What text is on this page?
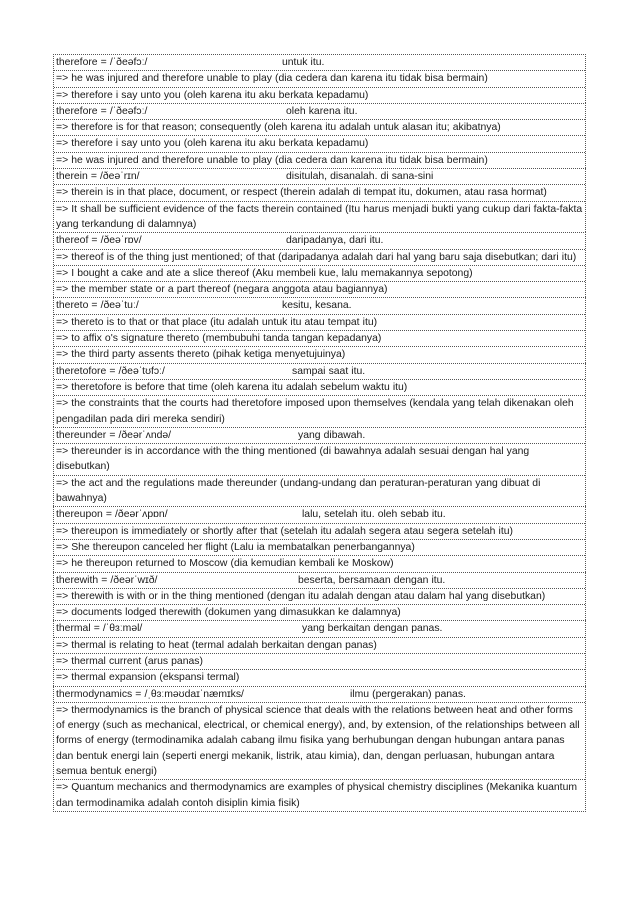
therefore = /ˈðeəfɔː/	untuk itu.
=> he was injured and therefore unable to play (dia cedera dan karena itu tidak bisa bermain)
=> therefore i say unto you (oleh karena itu aku berkata kepadamu)
therefore = /ˈðeəfɔː/	oleh karena itu.
=> therefore is for that reason; consequently (oleh karena itu adalah untuk alasan itu; akibatnya)
=> therefore i say unto you (oleh karena itu aku berkata kepadamu)
=> he was injured and therefore unable to play (dia cedera dan karena itu tidak bisa bermain)
therein = /ðeəˈrɪn/	disitulah, disanalah. di sana-sini
=> therein is in that place, document, or respect (therein adalah di tempat itu, dokumen, atau rasa hormat)
=> It shall be sufficient evidence of the facts therein contained (Itu harus menjadi bukti yang cukup dari fakta-fakta yang terkandung di dalamnya)
thereof = /ðeəˈrɒv/	daripadanya, dari itu.
=> thereof is of the thing just mentioned; of that (daripadanya adalah dari hal yang baru saja disebutkan; dari itu)
=> I bought a cake and ate a slice thereof (Aku membeli kue, lalu memakannya sepotong)
=> the member state or a part thereof (negara anggota atau bagiannya)
thereto = /ðeəˈtuː/	kesitu, kesana.
=> thereto is to that or that place (itu adalah untuk itu atau tempat itu)
=> to affix o's signature thereto (membubuhi tanda tangan kepadanya)
=> the third party assents thereto (pihak ketiga menyetujuinya)
theretofore = /ðeəˈtʊfɔː/	sampai saat itu.
=> theretofore is before that time (oleh karena itu adalah sebelum waktu itu)
=> the constraints that the courts had theretofore imposed upon themselves (kendala yang telah dikenakan oleh pengadilan pada diri mereka sendiri)
thereunder = /ðeərˈʌndə/	yang dibawah.
=> thereunder is in accordance with the thing mentioned (di bawahnya adalah sesuai dengan hal yang disebutkan)
=> the act and the regulations made thereunder (undang-undang dan peraturan-peraturan yang dibuat di bawahnya)
thereupon = /ðeərˈʌpɒn/	lalu, setelah itu. oleh sebab itu.
=> thereupon is immediately or shortly after that (setelah itu adalah segera atau segera setelah itu)
=> She thereupon canceled her flight (Lalu ia membatalkan penerbangannya)
=> he thereupon returned to Moscow (dia kemudian kembali ke Moskow)
therewith = /ðeərˈwɪð/	beserta, bersamaan dengan itu.
=> therewith is with or in the thing mentioned (dengan itu adalah dengan atau dalam hal yang disebutkan)
=> documents lodged therewith (dokumen yang dimasukkan ke dalamnya)
thermal = /ˈθɜːməl/	yang berkaitan dengan panas.
=> thermal is relating to heat (termal adalah berkaitan dengan panas)
=> thermal current (arus panas)
=> thermal expansion (ekspansi termal)
thermodynamics = /ˌθɜːməʊdaɪˈnæmɪks/	ilmu (pergerakan) panas.
=> thermodynamics is the branch of physical science that deals with the relations between heat and other forms of energy (such as mechanical, electrical, or chemical energy), and, by extension, of the relationships between all forms of energy (termodinamika adalah cabang ilmu fisika yang berhubungan dengan hubungan antara panas dan bentuk energi lain (seperti energi mekanik, listrik, atau kimia), dan, dengan perluasan, hubungan antara semua bentuk energi)
=> Quantum mechanics and thermodynamics are examples of physical chemistry disciplines (Mekanika kuantum dan termodinamika adalah contoh disiplin kimia fisik)
